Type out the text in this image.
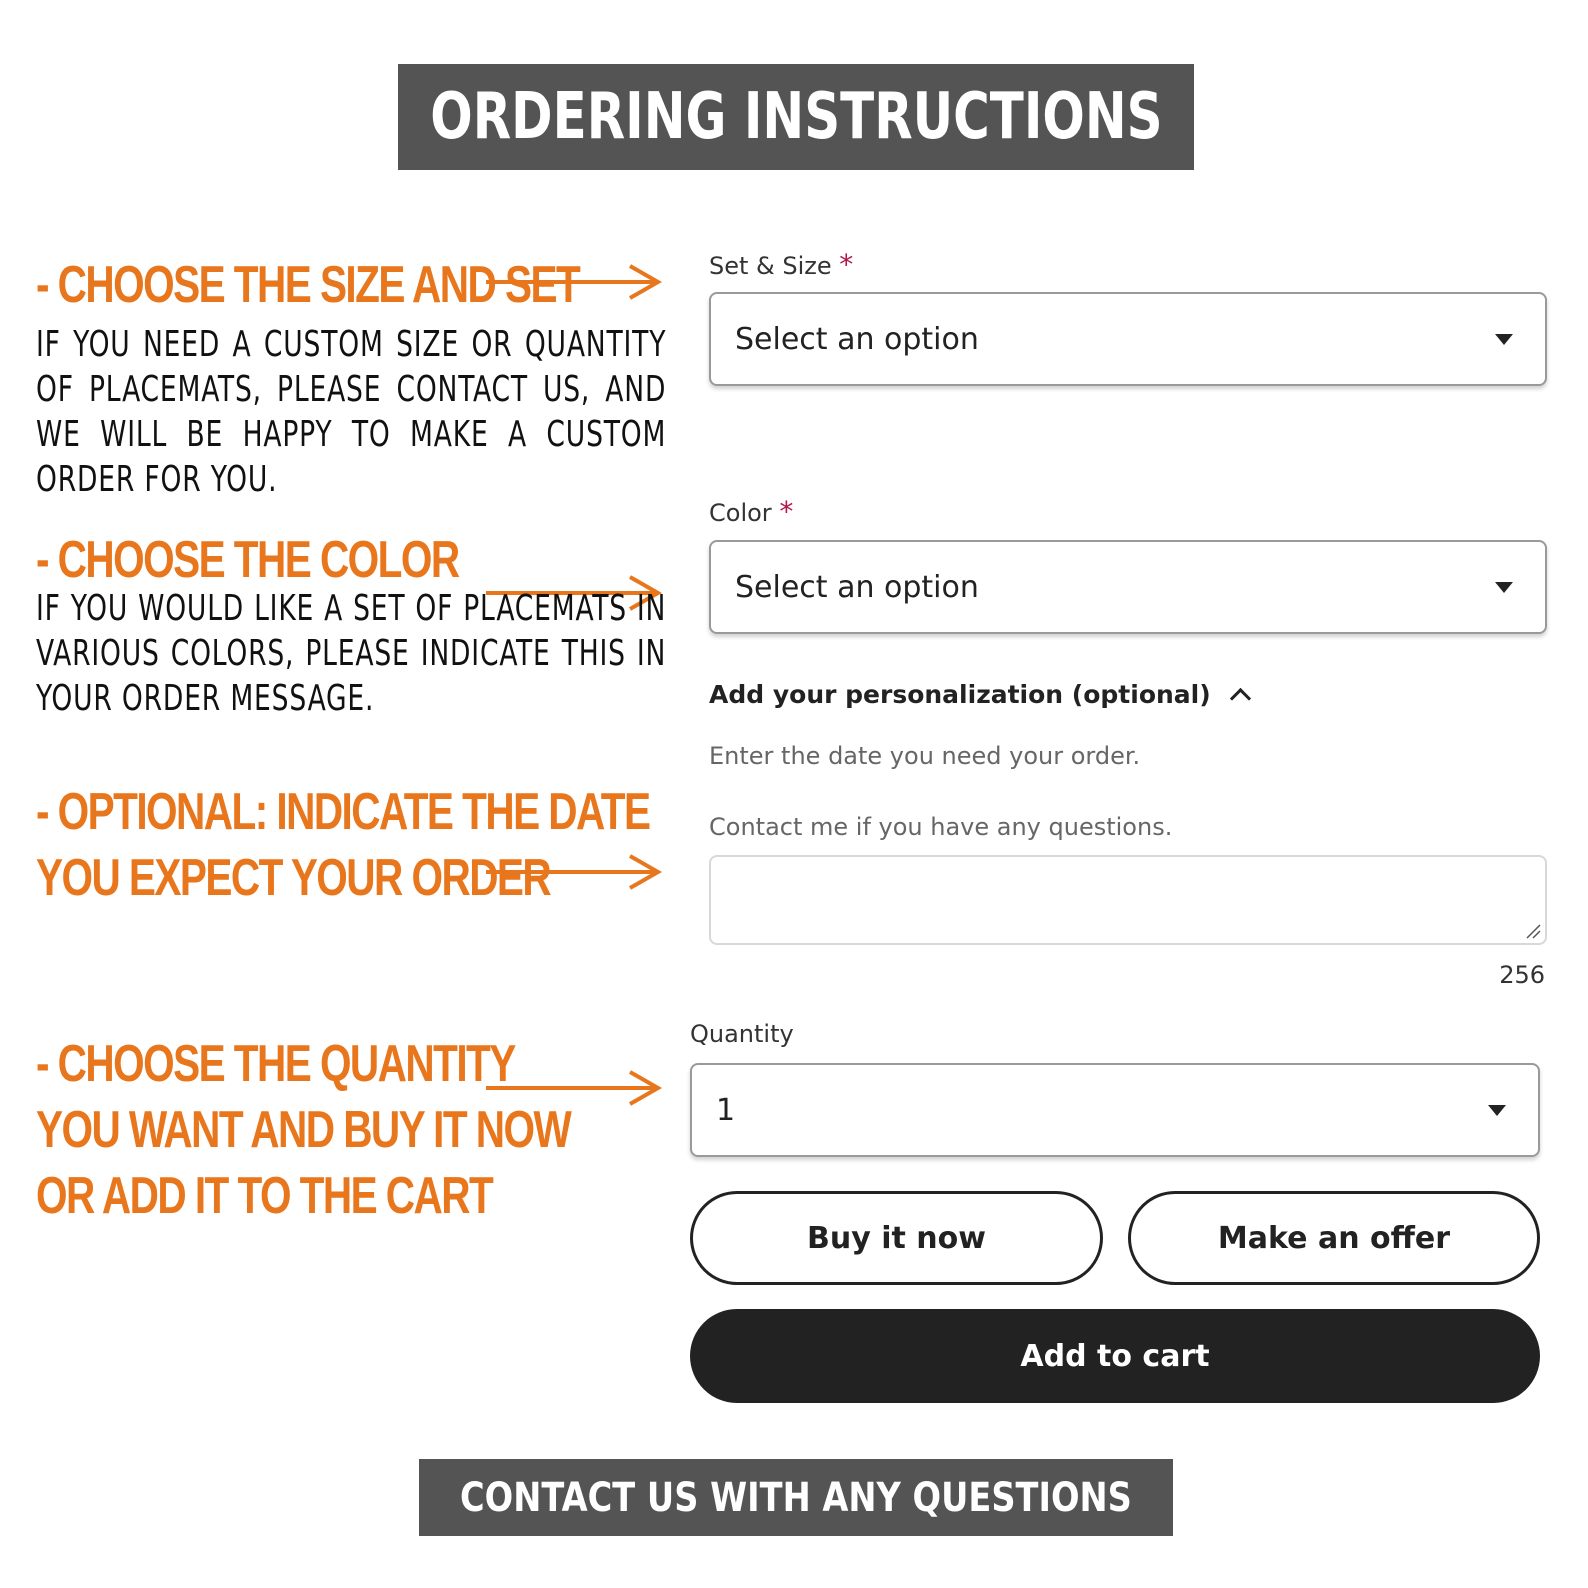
ORDERING INSTRUCTIONS
- CHOOSE THE SIZE AND SET
IF YOU NEED A CUSTOM SIZE OR QUANTITY OF PLACEMATS, PLEASE CONTACT US, AND WE WILL BE HAPPY TO MAKE A CUSTOM ORDER FOR YOU.
- CHOOSE THE COLOR
IF YOU WOULD LIKE A SET OF PLACEMATS IN VARIOUS COLORS, PLEASE INDICATE THIS IN YOUR ORDER MESSAGE.
- OPTIONAL: INDICATE THE DATE
YOU EXPECT YOUR ORDER
- CHOOSE THE QUANTITY
YOU WANT AND BUY IT NOW
OR ADD IT TO THE CART
Set & Size *
Select an option
Color *
Select an option
Add your personalization (optional)
Enter the date you need your order.
Contact me if you have any questions.
256
Quantity
1
Buy it now	Make an offer
Add to cart
CONTACT US WITH ANY QUESTIONS
